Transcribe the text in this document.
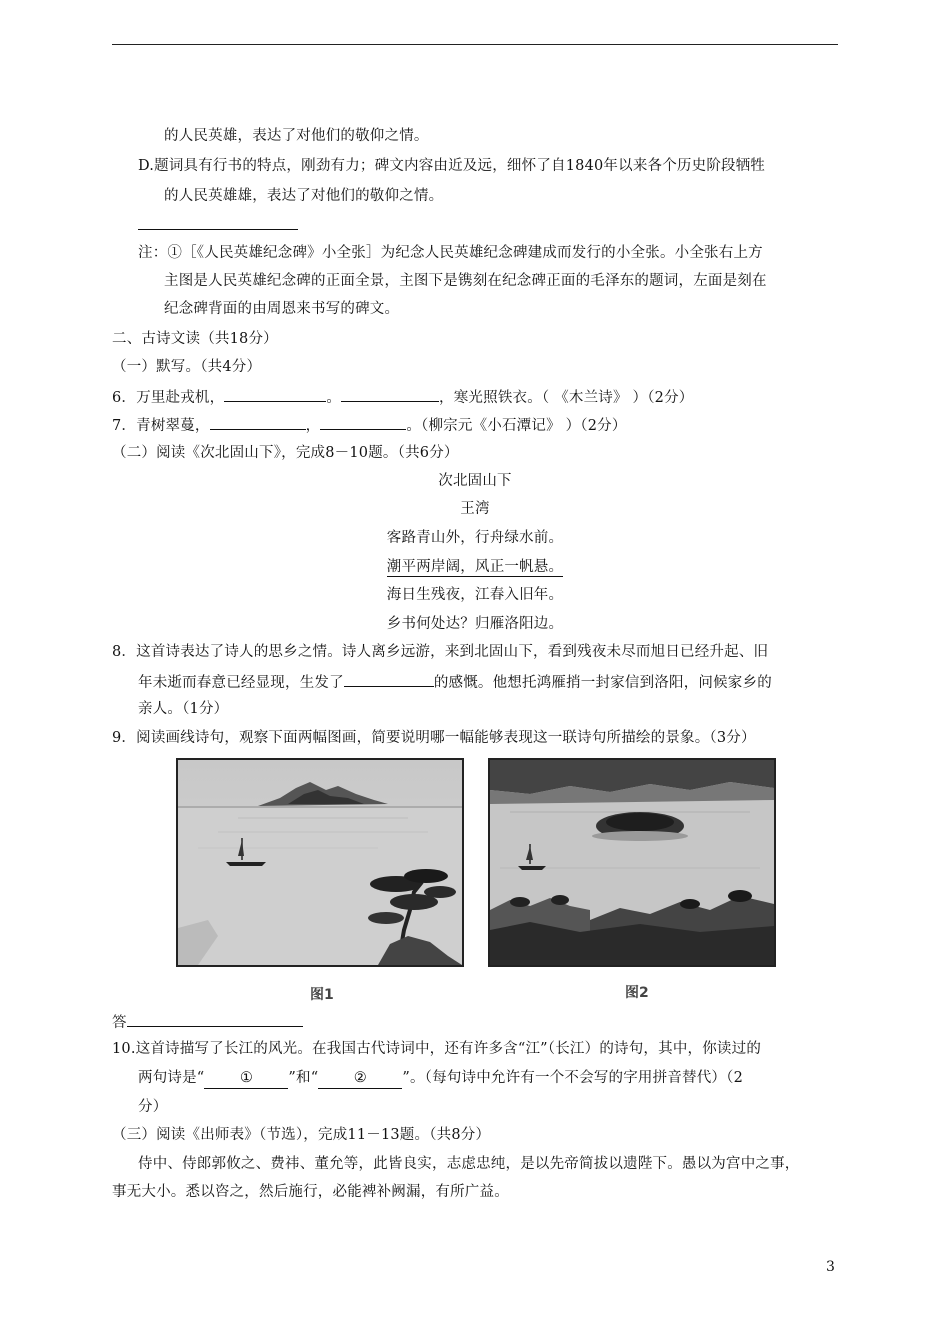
的人民英雄，表达了对他们的敬仰之情。
D.题词具有行书的特点，刚劲有力；碑文内容由近及远，细怀了自1840年以来各个历史阶段牺牲
的人民英雄雄，表达了对他们的敬仰之情。
注：①［《人民英雄纪念碑》小全张］为纪念人民英雄纪念碑建成而发行的小全张。小全张右上方
主图是人民英雄纪念碑的正面全景，主图下是镌刻在纪念碑正面的毛泽东的题词，左面是刻在
纪念碑背面的由周恩来书写的碑文。
二、古诗文读（共18分）
（一）默写。（共4分）
6．万里赴戎机，	。	，寒光照铁衣。（ 《木兰诗》 ）（2分）
7．青树翠蔓，	，	。（柳宗元《小石潭记》 ）（2分）
（二）阅读《次北固山下》，完成8－10题。（共6分）
次北固山下
王湾
客路青山外，行舟绿水前。
潮平两岸阔，风正一帆悬。
海日生残夜，江春入旧年。
乡书何处达？归雁洛阳边。
8．这首诗表达了诗人的思乡之情。诗人离乡远游，来到北固山下，看到残夜未尽而旭日已经升起、旧
年未逝而春意已经显现，生发了	的感慨。他想托鸿雁捎一封家信到洛阳，问候家乡的
亲人。（1分）
9．阅读画线诗句，观察下面两幅图画，简要说明哪一幅能够表现这一联诗句所描绘的景象。（3分）
图1	图2
答
10.这首诗描写了长江的风光。在我国古代诗词中，还有许多含“江”（长江）的诗句，其中，你读过的
两句诗是“ ① ”和“ ② ”。（每句诗中允许有一个不会写的字用拼音替代）（2
分）
（三）阅读《出师表》（节选），完成11－13题。（共8分）
侍中、侍郎郭攸之、费祎、董允等，此皆良实，志虑忠纯，是以先帝简拔以遗陛下。愚以为宫中之事，
事无大小。悉以咨之，然后施行，必能裨补阙漏，有所广益。
3
